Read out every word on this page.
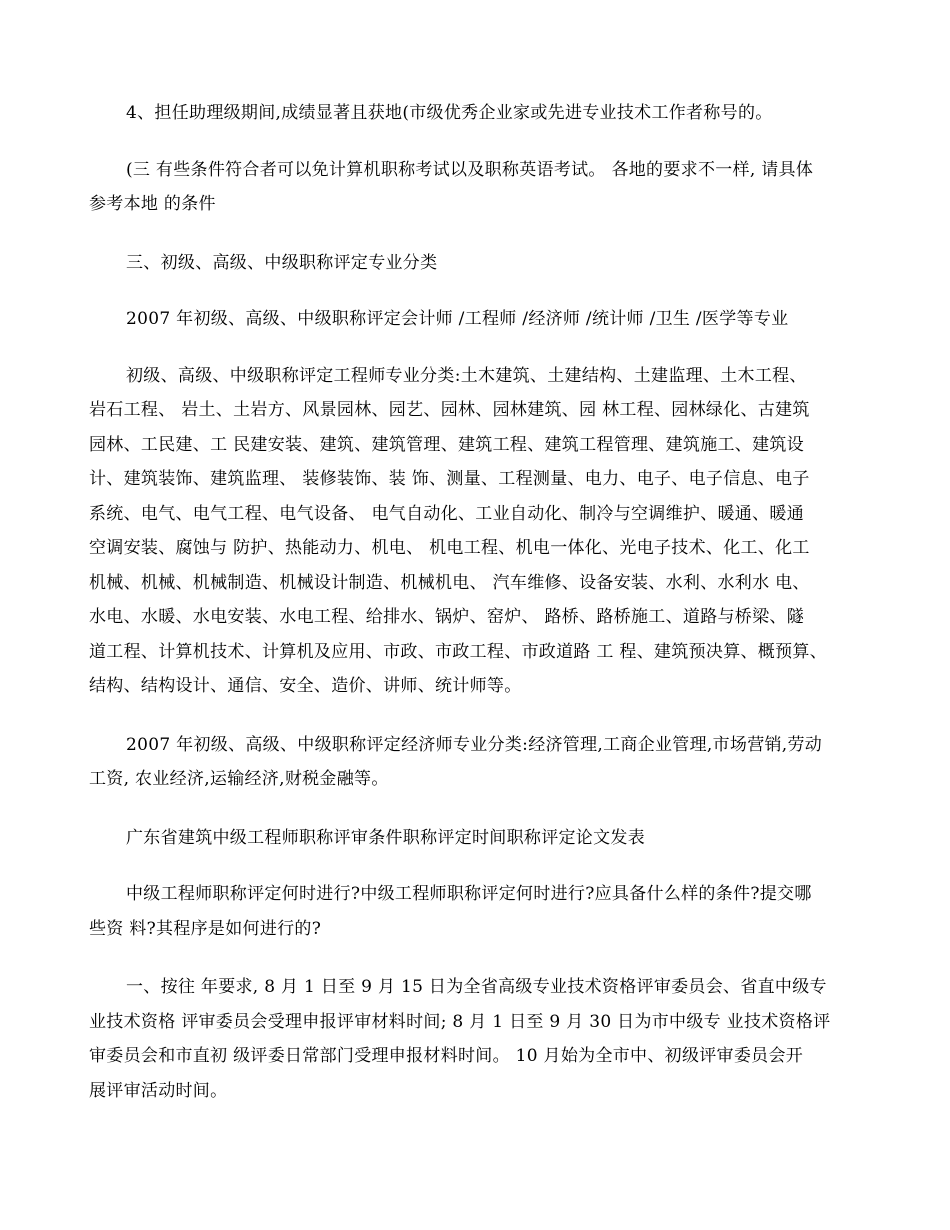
4、担任助理级期间,成绩显著且获地(市级优秀企业家或先进专业技术工作者称号的。

(三 有些条件符合者可以免计算机职称考试以及职称英语考试。 各地的要求不一样, 请具体
参考本地 的条件

三、初级、高级、中级职称评定专业分类

2007 年初级、高级、中级职称评定会计师 /工程师 /经济师 /统计师 /卫生 /医学等专业

初级、高级、中级职称评定工程师专业分类:土木建筑、土建结构、土建监理、土木工程、
岩石工程、 岩土、土岩方、风景园林、园艺、园林、园林建筑、园 林工程、园林绿化、古建筑
园林、工民建、工 民建安装、建筑、建筑管理、建筑工程、建筑工程管理、建筑施工、建筑设
计、建筑装饰、建筑监理、 装修装饰、装 饰、测量、工程测量、电力、电子、电子信息、电子
系统、电气、电气工程、电气设备、 电气自动化、工业自动化、制冷与空调维护、暖通、暖通
空调安装、腐蚀与 防护、热能动力、机电、 机电工程、机电一体化、光电子技术、化工、化工
机械、机械、机械制造、机械设计制造、机械机电、 汽车维修、设备安装、水利、水利水 电、
水电、水暖、水电安装、水电工程、给排水、锅炉、窑炉、 路桥、路桥施工、道路与桥梁、隧
道工程、计算机技术、计算机及应用、市政、市政工程、市政道路 工 程、建筑预决算、概预算、
结构、结构设计、通信、安全、造价、讲师、统计师等。

2007 年初级、高级、中级职称评定经济师专业分类:经济管理,工商企业管理,市场营销,劳动
工资, 农业经济,运输经济,财税金融等。

广东省建筑中级工程师职称评审条件职称评定时间职称评定论文发表

中级工程师职称评定何时进行?中级工程师职称评定何时进行?应具备什么样的条件?提交哪
些资 料?其程序是如何进行的?

一、按往 年要求, 8 月 1 日至 9 月 15 日为全省高级专业技术资格评审委员会、省直中级专
业技术资格 评审委员会受理申报评审材料时间; 8 月 1 日至 9 月 30 日为市中级专 业技术资格评
审委员会和市直初 级评委日常部门受理申报材料时间。 10 月始为全市中、初级评审委员会开
展评审活动时间。
